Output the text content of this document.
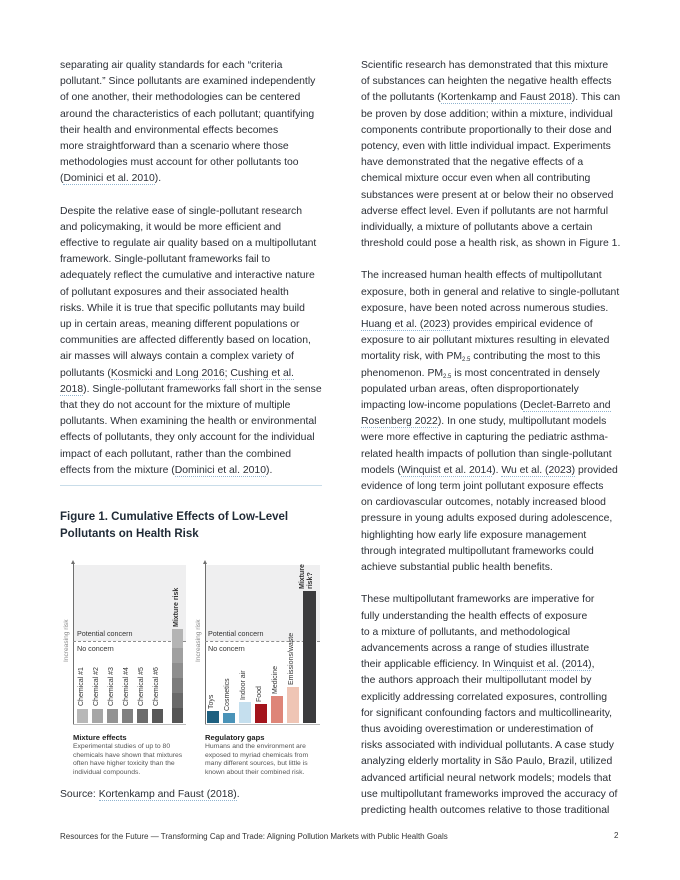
separating air quality standards for each “criteria
pollutant.” Since pollutants are examined independently
of one another, their methodologies can be centered
around the characteristics of each pollutant; quantifying
their health and environmental effects becomes
more straightforward than a scenario where those
methodologies must account for other pollutants too
(Dominici et al. 2010).

Despite the relative ease of single-pollutant research
and policymaking, it would be more efficient and
effective to regulate air quality based on a multipollutant
framework. Single-pollutant frameworks fail to
adequately reflect the cumulative and interactive nature
of pollutant exposures and their associated health
risks. While it is true that specific pollutants may build
up in certain areas, meaning different populations or
communities are affected differently based on location,
air masses will always contain a complex variety of
pollutants (Kosmicki and Long 2016; Cushing et al.
2018). Single-pollutant frameworks fall short in the sense
that they do not account for the mixture of multiple
pollutants. When examining the health or environmental
effects of pollutants, they only account for the individual
impact of each pollutant, rather than the combined
effects from the mixture (Dominici et al. 2010).

Figure 1. Cumulative Effects of Low-Level Pollutants on Health Risk
Increasing risk Potential concern
No concern
Chemical #1 Chemical #2 Chemical #3 Chemical #4 Chemical #5 Chemical #6
Mixture risk
Mixture effects
Experimental studies of up to 80 chemicals have shown that mixtures often have higher toxicity than the individual compounds.
Increasing risk Potential concern
No concern
Toys Cosmetics Indoor air Food
Medicine Emissions/waste
Mixture risk?
Regulatory gaps
Humans and the environment are exposed to myriad chemicals from many different sources, but little is known about their combined risk.
Source: Kortenkamp and Faust (2018).

Scientific research has demonstrated that this mixture
of substances can heighten the negative health effects
of the pollutants (Kortenkamp and Faust 2018). This can
be proven by dose addition; within a mixture, individual
components contribute proportionally to their dose and
potency, even with little individual impact. Experiments
have demonstrated that the negative effects of a
chemical mixture occur even when all contributing
substances were present at or below their no observed
adverse effect level. Even if pollutants are not harmful
individually, a mixture of pollutants above a certain
threshold could pose a health risk, as shown in Figure 1.

The increased human health effects of multipollutant
exposure, both in general and relative to single-pollutant
exposure, have been noted across numerous studies.
Huang et al. (2023) provides empirical evidence of
exposure to air pollutant mixtures resulting in elevated
mortality risk, with $PM_{2.5}$ contributing the most to this
phenomenon. $PM_{2.5}$ is most concentrated in densely
populated urban areas, often disproportionately
impacting low-income populations (Declet-Barreto and
Rosenberg 2022). In one study, multipollutant models
were more effective in capturing the pediatric asthma-
related health impacts of pollution than single-pollutant
models (Winquist et al. 2014). Wu et al. (2023) provided
evidence of long term joint pollutant exposure effects
on cardiovascular outcomes, notably increased blood
pressure in young adults exposed during adolescence,
highlighting how early life exposure management
through integrated multipollutant frameworks could
achieve substantial public health benefits.

These multipollutant frameworks are imperative for
fully understanding the health effects of exposure
to a mixture of pollutants, and methodological
advancements across a range of studies illustrate
their applicable efficiency. In Winquist et al. (2014),
the authors approach their multipollutant model by
explicitly addressing correlated exposures, controlling
for significant confounding factors and multicollinearity,
thus avoiding overestimation or underestimation of
risks associated with individual pollutants. A case study
analyzing elderly mortality in São Paulo, Brazil, utilized
advanced artificial neural network models; models that
use multipollutant frameworks improved the accuracy of
predicting health outcomes relative to those traditional

Resources for the Future — Transforming Cap and Trade: Aligning Pollution Markets with Public Health Goals	2
